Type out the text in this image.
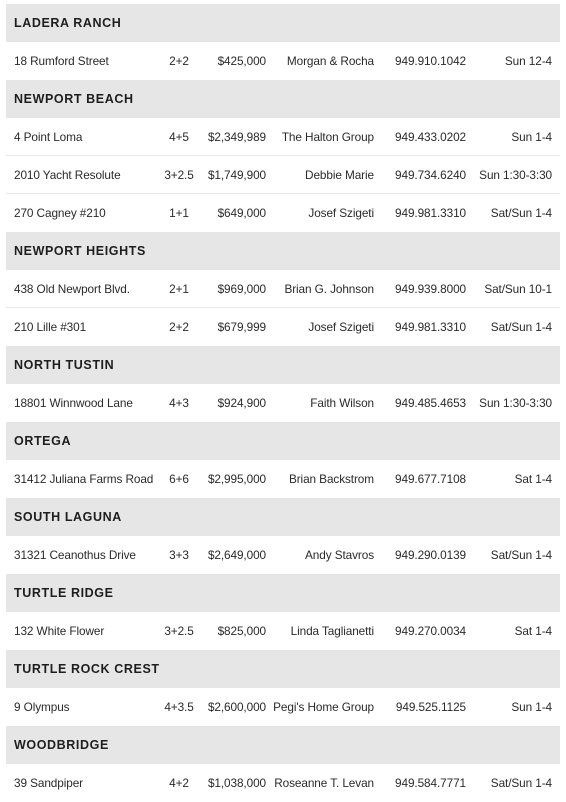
LADERA RANCH
18 Rumford Street	2+2	$425,000	Morgan & Rocha	949.910.1042	Sun 12-4
NEWPORT BEACH
4 Point Loma	4+5	$2,349,989	The Halton Group	949.433.0202	Sun 1-4
2010 Yacht Resolute	3+2.5	$1,749,900	Debbie Marie	949.734.6240	Sun 1:30-3:30
270 Cagney #210	1+1	$649,000	Josef Szigeti	949.981.3310	Sat/Sun 1-4
NEWPORT HEIGHTS
438 Old Newport Blvd.	2+1	$969,000	Brian G. Johnson	949.939.8000	Sat/Sun 10-1
210 Lille #301	2+2	$679,999	Josef Szigeti	949.981.3310	Sat/Sun 1-4
NORTH TUSTIN
18801 Winnwood Lane	4+3	$924,900	Faith Wilson	949.485.4653	Sun 1:30-3:30
ORTEGA
31412 Juliana Farms Road	6+6	$2,995,000	Brian Backstrom	949.677.7108	Sat 1-4
SOUTH LAGUNA
31321 Ceanothus Drive	3+3	$2,649,000	Andy Stavros	949.290.0139	Sat/Sun 1-4
TURTLE RIDGE
132 White Flower	3+2.5	$825,000	Linda Taglianetti	949.270.0034	Sat 1-4
TURTLE ROCK CREST
9 Olympus	4+3.5	$2,600,000 Pegi's Home Group	949.525.1125	Sun 1-4
WOODBRIDGE
39 Sandpiper	4+2	$1,038,000 Roseanne T. Levan	949.584.7771	Sat/Sun 1-4
